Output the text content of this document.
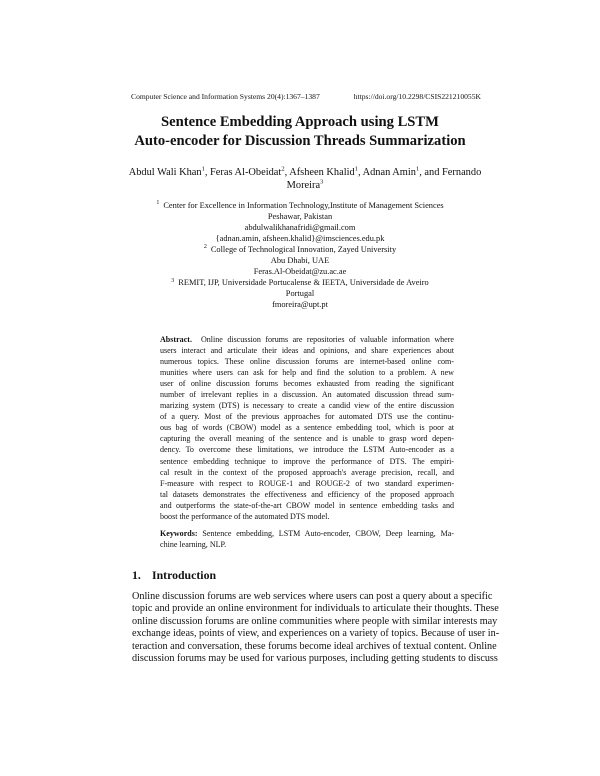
Computer Science and Information Systems 20(4):1367–1387	https://doi.org/10.2298/CSIS221210055K
Sentence Embedding Approach using LSTM
Auto-encoder for Discussion Threads Summarization
Abdul Wali Khan$^1$, Feras Al-Obeidat$^2$, Afsheen Khalid$^1$, Adnan Amin$^1$, and Fernando
Moreira$^3$
$^1$ Center for Excellence in Information Technology,Institute of Management Sciences
Peshawar, Pakistan
abdulwalikhanafridi@gmail.com
{adnan.amin, afsheen.khalid}@imsciences.edu.pk
$^2$ College of Technological Innovation, Zayed University
Abu Dhabi, UAE
Feras.Al-Obeidat@zu.ac.ae
$^3$ REMIT, IJP, Universidade Portucalense & IEETA, Universidade de Aveiro
Portugal
fmoreira@upt.pt
Abstract. Online discussion forums are repositories of valuable information where
users interact and articulate their ideas and opinions, and share experiences about
numerous topics. These online discussion forums are internet-based online com-
munities where users can ask for help and find the solution to a problem. A new
user of online discussion forums becomes exhausted from reading the significant
number of irrelevant replies in a discussion. An automated discussion thread sum-
marizing system (DTS) is necessary to create a candid view of the entire discussion
of a query. Most of the previous approaches for automated DTS use the continu-
ous bag of words (CBOW) model as a sentence embedding tool, which is poor at
capturing the overall meaning of the sentence and is unable to grasp word depen-
dency. To overcome these limitations, we introduce the LSTM Auto-encoder as a
sentence embedding technique to improve the performance of DTS. The empiri-
cal result in the context of the proposed approach's average precision, recall, and
F-measure with respect to ROUGE-1 and ROUGE-2 of two standard experimen-
tal datasets demonstrates the effectiveness and efficiency of the proposed approach
and outperforms the state-of-the-art CBOW model in sentence embedding tasks and
boost the performance of the automated DTS model.
Keywords: Sentence embedding, LSTM Auto-encoder, CBOW, Deep learning, Ma-
chine learning, NLP.
1. Introduction
Online discussion forums are web services where users can post a query about a specific
topic and provide an online environment for individuals to articulate their thoughts. These
online discussion forums are online communities where people with similar interests may
exchange ideas, points of view, and experiences on a variety of topics. Because of user in-
teraction and conversation, these forums become ideal archives of textual content. Online
discussion forums may be used for various purposes, including getting students to discuss
